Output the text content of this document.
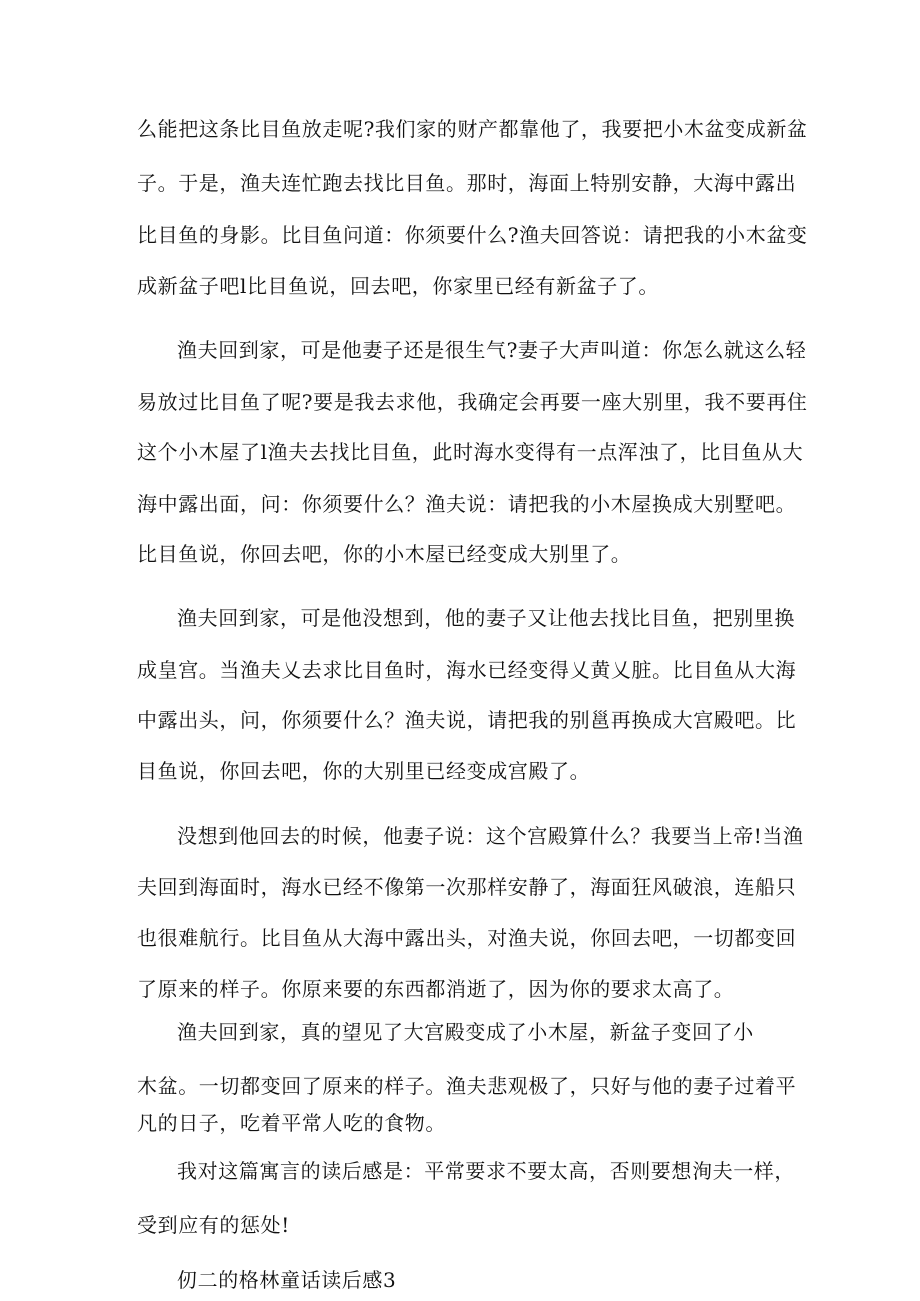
么能把这条比目鱼放走呢?我们家的财产都靠他了，我要把小木盆变成新盆
子。于是，渔夫连忙跑去找比目鱼。那时，海面上特别安静，大海中露出
比目鱼的身影。比目鱼问道：你须要什么?渔夫回答说：请把我的小木盆变
成新盆子吧l比目鱼说，回去吧，你家里已经有新盆子了。
渔夫回到家，可是他妻子还是很生气?妻子大声叫道：你怎么就这么轻
易放过比目鱼了呢?要是我去求他，我确定会再要一座大别里，我不要再住
这个小木屋了l渔夫去找比目鱼，此时海水变得有一点浑浊了，比目鱼从大
海中露出面，问：你须要什么？渔夫说：请把我的小木屋换成大别墅吧。
比目鱼说，你回去吧，你的小木屋已经变成大别里了。
渔夫回到家，可是他没想到，他的妻子又让他去找比目鱼，把别里换
成皇宫。当渔夫乂去求比目鱼时，海水已经变得乂黄乂脏。比目鱼从大海
中露出头，问，你须要什么？渔夫说，请把我的别邕再换成大宫殿吧。比
目鱼说，你回去吧，你的大别里已经变成宫殿了。
没想到他回去的时候，他妻子说：这个宫殿算什么？我要当上帝!当渔
夫回到海面时，海水已经不像第一次那样安静了，海面狂风破浪，连船只
也很难航行。比目鱼从大海中露出头，对渔夫说，你回去吧，一切都变回
了原来的样子。你原来要的东西都消逝了，因为你的要求太高了。
渔夫回到家，真的望见了大宫殿变成了小木屋，新盆子变回了小
木盆。一切都变回了原来的样子。渔夫悲观极了，只好与他的妻子过着平
凡的日子，吃着平常人吃的食物。
我对这篇寓言的读后感是：平常要求不要太高，否则要想洵夫一样，
受到应有的惩处!
仞二的格林童话读后感3
